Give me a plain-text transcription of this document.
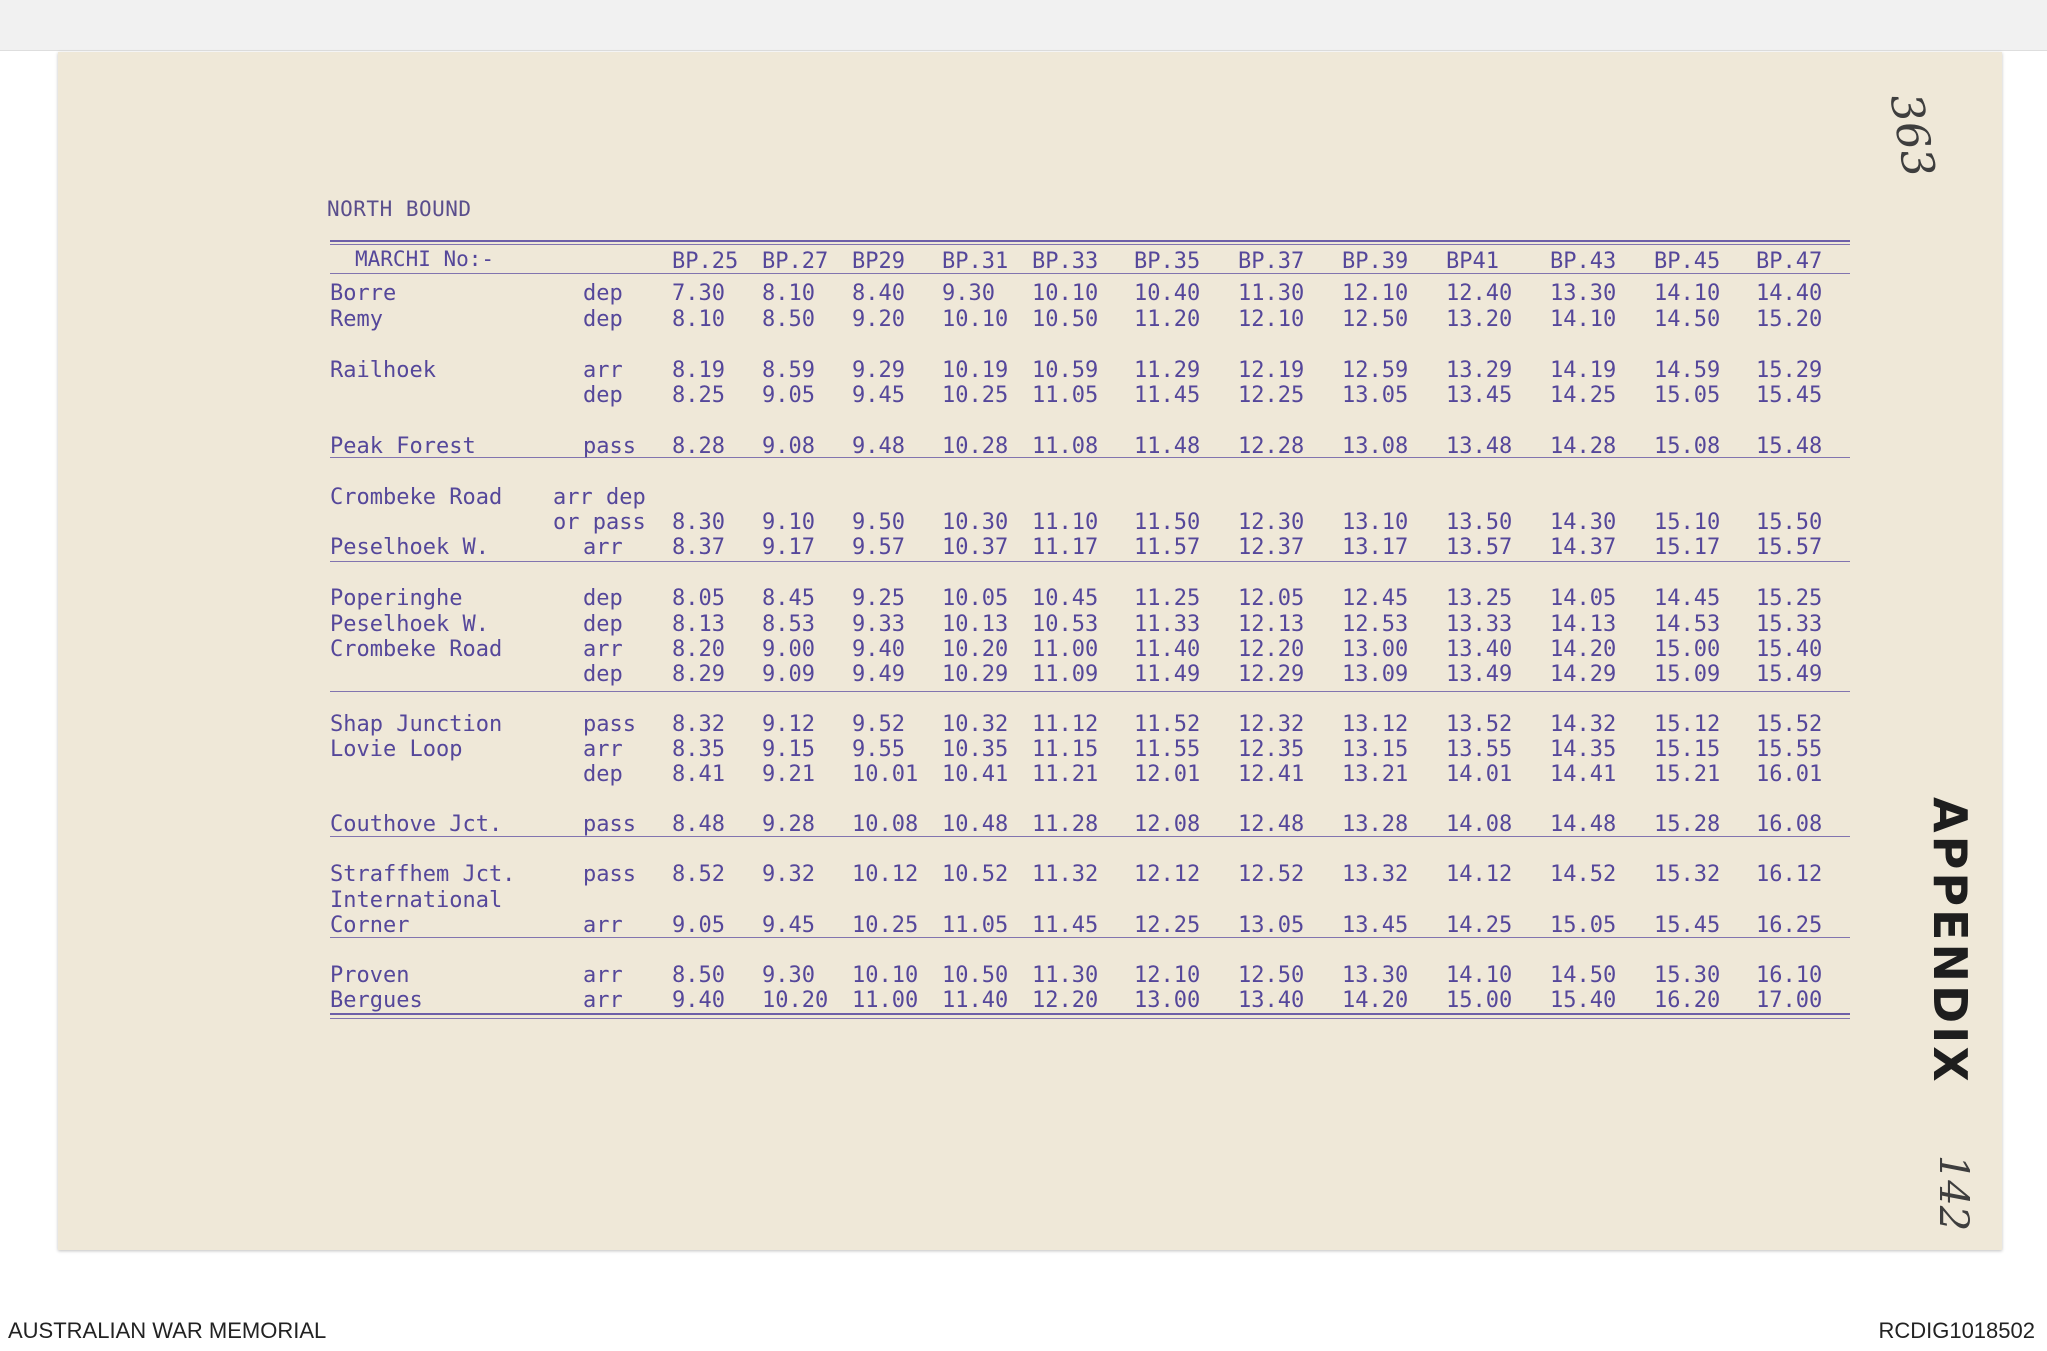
NORTH BOUND
MARCHI No:-	BP.25 BP.27 BP29 BP.31 BP.33 BP.35 BP.37 BP.39 BP41 BP.43 BP.45 BP.47
Borre	dep 7.30 8.10 8.40 9.30 10.10 10.40 11.30 12.10 12.40 13.30 14.10 14.40
Remy	dep 8.10 8.50 9.20 10.10 10.50 11.20 12.10 12.50 13.20 14.10 14.50 15.20
Railhoek	arr 8.19 8.59 9.29 10.19 10.59 11.29 12.19 12.59 13.29 14.19 14.59 15.29
dep 8.25 9.05 9.45 10.25 11.05 11.45 12.25 13.05 13.45 14.25 15.05 15.45
Peak Forest	pass 8.28 9.08 9.48 10.28 11.08 11.48 12.28 13.08 13.48 14.28 15.08 15.48
Crombeke Road arr dep
or pass 8.30 9.10 9.50 10.30 11.10 11.50 12.30 13.10 13.50 14.30 15.10 15.50
Peselhoek W.	arr 8.37 9.17 9.57 10.37 11.17 11.57 12.37 13.17 13.57 14.37 15.17 15.57
Poperinghe	dep 8.05 8.45 9.25 10.05 10.45 11.25 12.05 12.45 13.25 14.05 14.45 15.25
Peselhoek W.	dep 8.13 8.53 9.33 10.13 10.53 11.33 12.13 12.53 13.33 14.13 14.53 15.33
Crombeke Road	arr 8.20 9.00 9.40 10.20 11.00 11.40 12.20 13.00 13.40 14.20 15.00 15.40
dep 8.29 9.09 9.49 10.29 11.09 11.49 12.29 13.09 13.49 14.29 15.09 15.49
Shap Junction	pass 8.32 9.12 9.52 10.32 11.12 11.52 12.32 13.12 13.52 14.32 15.12 15.52
Lovie Loop	arr 8.35 9.15 9.55 10.35 11.15 11.55 12.35 13.15 13.55 14.35 15.15 15.55
dep 8.41 9.21 10.01 10.41 11.21 12.01 12.41 13.21 14.01 14.41 15.21 16.01
Couthove Jct.	pass 8.48 9.28 10.08 10.48 11.28 12.08 12.48 13.28 14.08 14.48 15.28 16.08
Straffhem Jct.	pass 8.52 9.32 10.12 10.52 11.32 12.12 12.52 13.32 14.12 14.52 15.32 16.12
International
Corner	arr 9.05 9.45 10.25 11.05 11.45 12.25 13.05 13.45 14.25 15.05 15.45 16.25
Proven	arr 8.50 9.30 10.10 10.50 11.30 12.10 12.50 13.30 14.10 14.50 15.30 16.10
Bergues	arr 9.40 10.20 11.00 11.40 12.20 13.00 13.40 14.20 15.00 15.40 16.20 17.00
363
APPENDIX
142
AUSTRALIAN WAR MEMORIAL	RCDIG1018502
